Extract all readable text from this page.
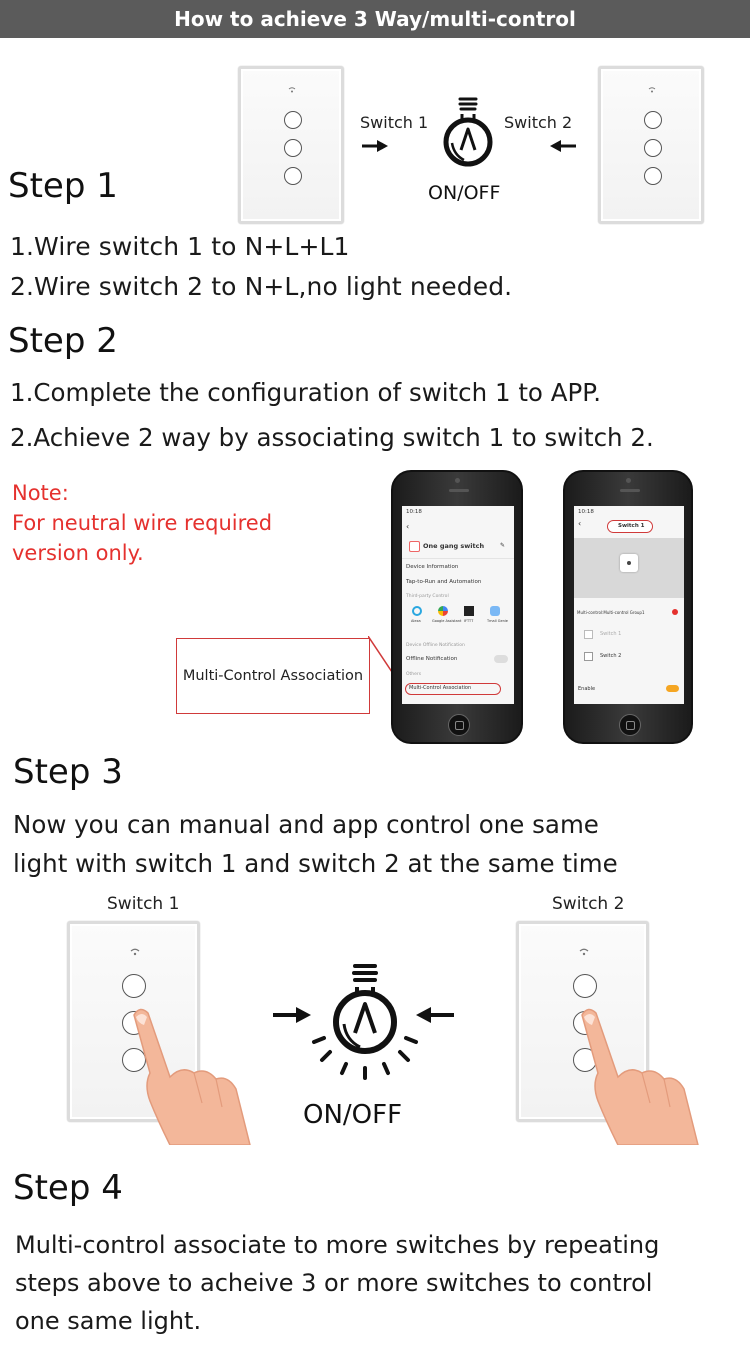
How to achieve 3 Way/multi-control
Switch 1	Switch 2
ON/OFF
Step 1
1.Wire switch 1 to N+L+L1
2.Wire switch 2 to N+L,no light needed.
Step 2
1.Complete the configuration of switch 1 to APP.
2.Achieve 2 way by associating switch 1 to switch 2.
Note:
For neutral wire required
version only.
Multi-Control Association
10:18
‹
One gang switch	✎
Device Information
Tap-to-Run and Automation
Third-party Control
Alexa	Google Assistant IFTTT	Tmall Genie
Device Offline Notification
Offline Notification
Others
Multi-Control Association
10:18
‹	Switch 1
Multi-control:Multi-control Group1
Switch 1
Switch 2
Enable
Step 3
Now you can manual and app control one same
light with switch 1 and switch 2 at the same time
Switch 1	Switch 2
ON/OFF
Step 4
Multi-control associate to more switches by repeating
steps above to acheive 3 or more switches to control
one same light.
